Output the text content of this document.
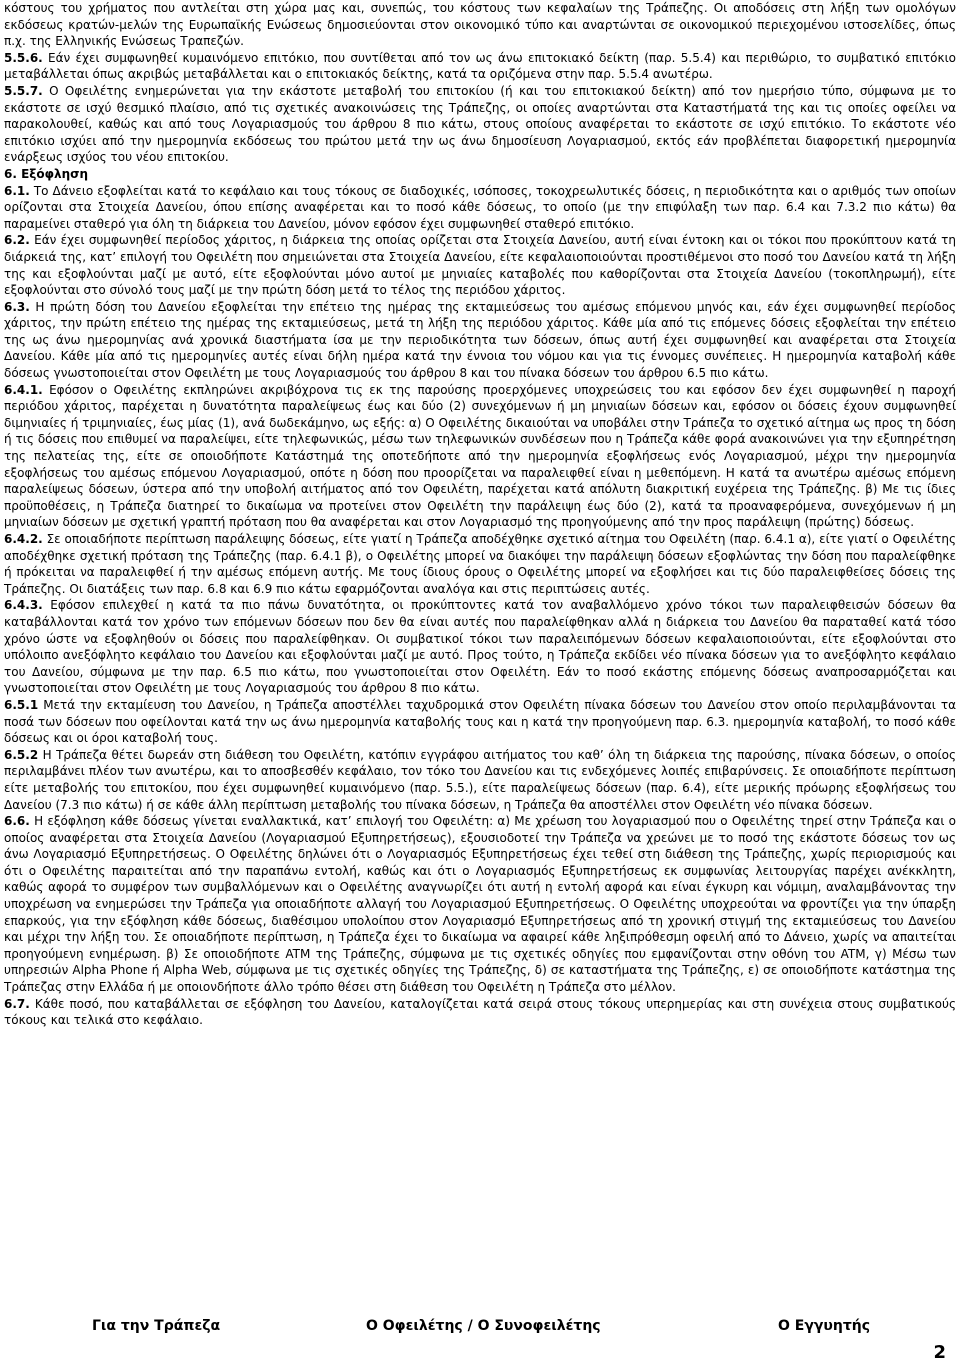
κόστους του χρήματος που αντλείται στη χώρα μας και, συνεπώς, του κόστους των κεφαλαίων της Τράπεζης. Οι αποδόσεις στη λήξη των ομολόγων εκδόσεως κρατών-μελών της Ευρωπαϊκής Ενώσεως δημοσιεύονται στον οικονομικό τύπο και αναρτώνται σε οικονομικού περιεχομένου ιστοσελίδες, όπως π.χ. της Ελληνικής Ενώσεως Τραπεζών.

5.5.6. Εάν έχει συμφωνηθεί κυμαινόμενο επιτόκιο, που συντίθεται από τον ως άνω επιτοκιακό δείκτη (παρ. 5.5.4) και περιθώριο, το συμβατικό επιτόκιο μεταβάλλεται όπως ακριβώς μεταβάλλεται και ο επιτοκιακός δείκτης, κατά τα οριζόμενα στην παρ. 5.5.4 ανωτέρω.

5.5.7. Ο Οφειλέτης ενημερώνεται για την εκάστοτε μεταβολή του επιτοκίου (ή και του επιτοκιακού δείκτη) από τον ημερήσιο τύπο, σύμφωνα με το εκάστοτε σε ισχύ θεσμικό πλαίσιο, από τις σχετικές ανακοινώσεις της Τράπεζης, οι οποίες αναρτώνται στα Καταστήματά της και τις οποίες οφείλει να παρακολουθεί, καθώς και από τους Λογαριασμούς του άρθρου 8 πιο κάτω, στους οποίους αναφέρεται το εκάστοτε σε ισχύ επιτόκιο. Το εκάστοτε νέο επιτόκιο ισχύει από την ημερομηνία εκδόσεως του πρώτου μετά την ως άνω δημοσίευση Λογαριασμού, εκτός εάν προβλέπεται διαφορετική ημερομηνία ενάρξεως ισχύος του νέου επιτοκίου.

6. Εξόφληση

6.1. Το Δάνειο εξοφλείται κατά το κεφάλαιο και τους τόκους σε διαδοχικές, ισόποσες, τοκοχρεωλυτικές δόσεις, η περιοδικότητα και ο αριθμός των οποίων ορίζονται στα Στοιχεία Δανείου, όπου επίσης αναφέρεται και το ποσό κάθε δόσεως, το οποίο (με την επιφύλαξη των παρ. 6.4 και 7.3.2 πιο κάτω) θα παραμείνει σταθερό για όλη τη διάρκεια του Δανείου, μόνον εφόσον έχει συμφωνηθεί σταθερό επιτόκιο.

6.2. Εάν έχει συμφωνηθεί περίοδος χάριτος, η διάρκεια της οποίας ορίζεται στα Στοιχεία Δανείου, αυτή είναι έντοκη και οι τόκοι που προκύπτουν κατά τη διάρκειά της, κατ’ επιλογή του Οφειλέτη που σημειώνεται στα Στοιχεία Δανείου, είτε κεφαλαιοποιούνται προστιθέμενοι στο ποσό του Δανείου κατά τη λήξη της και εξοφλούνται μαζί με αυτό, είτε εξοφλούνται μόνο αυτοί με μηνιαίες καταβολές που καθορίζονται στα Στοιχεία Δανείου (τοκοπληρωμή), είτε εξοφλούνται στο σύνολό τους μαζί με την πρώτη δόση μετά το τέλος της περιόδου χάριτος.

6.3. Η πρώτη δόση του Δανείου εξοφλείται την επέτειο της ημέρας της εκταμιεύσεως του αμέσως επόμενου μηνός και, εάν έχει συμφωνηθεί περίοδος χάριτος, την πρώτη επέτειο της ημέρας της εκταμιεύσεως, μετά τη λήξη της περιόδου χάριτος. Κάθε μία από τις επόμενες δόσεις εξοφλείται την επέτειο της ως άνω ημερομηνίας ανά χρονικά διαστήματα ίσα με την περιοδικότητα των δόσεων, όπως αυτή έχει συμφωνηθεί και αναφέρεται στα Στοιχεία Δανείου. Κάθε μία από τις ημερομηνίες αυτές είναι δήλη ημέρα κατά την έννοια του νόμου και για τις έννομες συνέπειες. Η ημερομηνία καταβολή κάθε δόσεως γνωστοποιείται στον Οφειλέτη με τους Λογαριασμούς του άρθρου 8 και του πίνακα δόσεων του άρθρου 6.5 πιο κάτω.

6.4.1. Εφόσον ο Οφειλέτης εκπληρώνει ακριβόχρονα τις εκ της παρούσης προερχόμενες υποχρεώσεις του και εφόσον δεν έχει συμφωνηθεί η παροχή περιόδου χάριτος, παρέχεται η δυνατότητα παραλείψεως έως και δύο (2) συνεχόμενων ή μη μηνιαίων δόσεων και, εφόσον οι δόσεις έχουν συμφωνηθεί διμηνιαίες ή τριμηνιαίες, έως μίας (1), ανά δωδεκάμηνο, ως εξής: α) Ο Οφειλέτης δικαιούται να υποβάλει στην Τράπεζα το σχετικό αίτημα ως προς τη δόση ή τις δόσεις που επιθυμεί να παραλείψει, είτε τηλεφωνικώς, μέσω των τηλεφωνικών συνδέσεων που η Τράπεζα κάθε φορά ανακοινώνει για την εξυπηρέτηση της πελατείας της, είτε σε οποιοδήποτε Κατάστημά της οποτεδήποτε από την ημερομηνία εξοφλήσεως ενός Λογαριασμού, μέχρι την ημερομηνία εξοφλήσεως του αμέσως επόμενου Λογαριασμού, οπότε η δόση που προορίζεται να παραλειφθεί είναι η μεθεπόμενη. Η κατά τα ανωτέρω αμέσως επόμενη παραλείψεως δόσεων, ύστερα από την υποβολή αιτήματος από τον Οφειλέτη, παρέχεται κατά απόλυτη διακριτική ευχέρεια της Τράπεζης. β) Με τις ίδιες προϋποθέσεις, η Τράπεζα διατηρεί το δικαίωμα να προτείνει στον Οφειλέτη την παράλειψη έως δύο (2), κατά τα προαναφερόμενα, συνεχόμενων ή μη μηνιαίων δόσεων με σχετική γραπτή πρόταση που θα αναφέρεται και στον Λογαριασμό της προηγούμενης από την προς παράλειψη (πρώτης) δόσεως.

6.4.2. Σε οποιαδήποτε περίπτωση παράλειψης δόσεως, είτε γιατί η Τράπεζα αποδέχθηκε σχετικό αίτημα του Οφειλέτη (παρ. 6.4.1 α), είτε γιατί ο Οφειλέτης αποδέχθηκε σχετική πρόταση της Τράπεζης (παρ. 6.4.1 β), ο Οφειλέτης μπορεί να διακόψει την παράλειψη δόσεων εξοφλώντας την δόση που παραλείφθηκε ή πρόκειται να παραλειφθεί ή την αμέσως επόμενη αυτής. Με τους ίδιους όρους ο Οφειλέτης μπορεί να εξοφλήσει και τις δύο παραλειφθείσες δόσεις της Τράπεζης. Οι διατάξεις των παρ. 6.8 και 6.9 πιο κάτω εφαρμόζονται αναλόγα και στις περιπτώσεις αυτές.

6.4.3. Εφόσον επιλεχθεί η κατά τα πιο πάνω δυνατότητα, οι προκύπτοντες κατά τον αναβαλλόμενο χρόνο τόκοι των παραλειφθεισών δόσεων θα καταβάλλονται κατά τον χρόνο των επόμενων δόσεων που δεν θα είναι αυτές που παραλείφθηκαν αλλά η διάρκεια του Δανείου θα παραταθεί κατά τόσο χρόνο ώστε να εξοφληθούν οι δόσεις που παραλείφθηκαν. Οι συμβατικοί τόκοι των παραλειπόμενων δόσεων κεφαλαιοποιούνται, είτε εξοφλούνται στο υπόλοιπο ανεξόφλητο κεφάλαιο του Δανείου και εξοφλούνται μαζί με αυτό. Προς τούτο, η Τράπεζα εκδίδει νέο πίνακα δόσεων για το ανεξόφλητο κεφάλαιο του Δανείου, σύμφωνα με την παρ. 6.5 πιο κάτω, που γνωστοποιείται στον Οφειλέτη. Εάν το ποσό εκάστης επόμενης δόσεως αναπροσαρμόζεται και γνωστοποιείται στον Οφειλέτη με τους Λογαριασμούς του άρθρου 8 πιο κάτω.

6.5.1 Μετά την εκταμίευση του Δανείου, η Τράπεζα αποστέλλει ταχυδρομικά στον Οφειλέτη πίνακα δόσεων του Δανείου στον οποίο περιλαμβάνονται τα ποσά των δόσεων που οφείλονται κατά την ως άνω ημερομηνία καταβολής τους και η κατά την προηγούμενη παρ. 6.3. ημερομηνία καταβολή, το ποσό κάθε δόσεως και οι όροι καταβολή τους.

6.5.2 Η Τράπεζα θέτει δωρεάν στη διάθεση του Οφειλέτη, κατόπιν εγγράφου αιτήματος του καθ’ όλη τη διάρκεια της παρούσης, πίνακα δόσεων, ο οποίος περιλαμβάνει πλέον των ανωτέρω, και το αποσβεσθέν κεφάλαιο, τον τόκο του Δανείου και τις ενδεχόμενες λοιπές επιβαρύνσεις. Σε οποιαδήποτε περίπτωση είτε μεταβολής του επιτοκίου, που έχει συμφωνηθεί κυμαινόμενο (παρ. 5.5.), είτε παραλείψεως δόσεων (παρ. 6.4), είτε μερικής πρόωρης εξοφλήσεως του Δανείου (7.3 πιο κάτω) ή σε κάθε άλλη περίπτωση μεταβολής του πίνακα δόσεων, η Τράπεζα θα αποστέλλει στον Οφειλέτη νέο πίνακα δόσεων.

6.6. Η εξόφληση κάθε δόσεως γίνεται εναλλακτικά, κατ’ επιλογή του Οφειλέτη: α) Με χρέωση του λογαριασμού που ο Οφειλέτης τηρεί στην Τράπεζα και ο οποίος αναφέρεται στα Στοιχεία Δανείου (Λογαριασμού Εξυπηρετήσεως), εξουσιοδοτεί την Τράπεζα να χρεώνει με το ποσό της εκάστοτε δόσεως τον ως άνω Λογαριασμό Εξυπηρετήσεως. Ο Οφειλέτης δηλώνει ότι ο Λογαριασμός Εξυπηρετήσεως έχει τεθεί στη διάθεση της Τράπεζης, χωρίς περιορισμούς και ότι ο Οφειλέτης παραιτείται από την παραπάνω εντολή, καθώς και ότι ο Λογαριασμός Εξυπηρετήσεως εκ συμφωνίας λειτουργίας παρέχει ανέκκλητη, καθώς αφορά το συμφέρον των συμβαλλόμενων και ο Οφειλέτης αναγνωρίζει ότι αυτή η εντολή αφορά και είναι έγκυρη και νόμιμη, αναλαμβάνοντας την υποχρέωση να ενημερώσει την Τράπεζα για οποιαδήποτε αλλαγή του Λογαριασμού Εξυπηρετήσεως. Ο Οφειλέτης υποχρεούται να φροντίζει για την ύπαρξη επαρκούς, για την εξόφληση κάθε δόσεως, διαθέσιμου υπολοίπου στον Λογαριασμό Εξυπηρετήσεως από τη χρονική στιγμή της εκταμιεύσεως του Δανείου και μέχρι την λήξη του. Σε οποιαδήποτε περίπτωση, η Τράπεζα έχει το δικαίωμα να αφαιρεί κάθε ληξιπρόθεσμη οφειλή από το Δάνειο, χωρίς να απαιτείται προηγούμενη ενημέρωση. β) Σε οποιοδήποτε ATM της Τράπεζης, σύμφωνα με τις σχετικές οδηγίες που εμφανίζονται στην οθόνη του ATM, γ) Μέσω των υπηρεσιών Alpha Phone ή Alpha Web, σύμφωνα με τις σχετικές οδηγίες της Τράπεζης, δ) σε καταστήματα της Τράπεζης, ε) σε οποιοδήποτε κατάστημα της Τράπεζας στην Ελλάδα ή με οποιονδήποτε άλλο τρόπο θέσει στη διάθεση του Οφειλέτη η Τράπεζα στο μέλλον.

6.7. Κάθε ποσό, που καταβάλλεται σε εξόφληση του Δανείου, καταλογίζεται κατά σειρά στους τόκους υπερημερίας και στη συνέχεια στους συμβατικούς τόκους και τελικά στο κεφάλαιο.

Για την Τράπεζα	Ο Οφειλέτης / Ο Συνοφειλέτης	Ο Εγγυητής
2
